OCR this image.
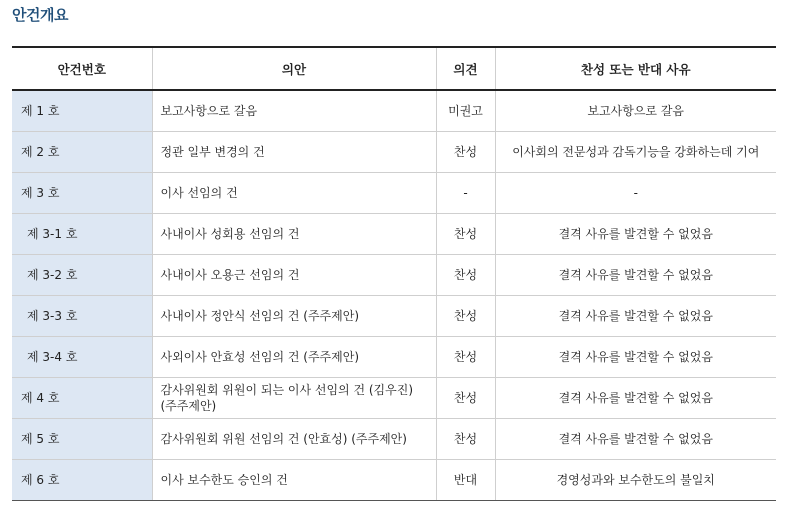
안건개요
안건번호	의안	의견	찬성 또는 반대 사유
제 1 호	보고사항으로 갈음	미권고	보고사항으로 갈음
제 2 호	정관 일부 변경의 건	찬성	이사회의 전문성과 감독기능을 강화하는데 기여
제 3 호	이사 선임의 건	-	-
제 3-1 호	사내이사 성회용 선임의 건	찬성	결격 사유를 발견할 수 없었음
제 3-2 호	사내이사 오용근 선임의 건	찬성	결격 사유를 발견할 수 없었음
제 3-3 호	사내이사 정안식 선임의 건 (주주제안)	찬성	결격 사유를 발견할 수 없었음
제 3-4 호	사외이사 안효성 선임의 건 (주주제안)	찬성	결격 사유를 발견할 수 없었음
제 4 호	감사위원회 위원이 되는 이사 선임의 건 (김우진) (주주제안)	찬성	결격 사유를 발견할 수 없었음
제 5 호	감사위원회 위원 선임의 건 (안효성) (주주제안)	찬성	결격 사유를 발견할 수 없었음
제 6 호	이사 보수한도 승인의 건	반대	경영성과와 보수한도의 불일치
